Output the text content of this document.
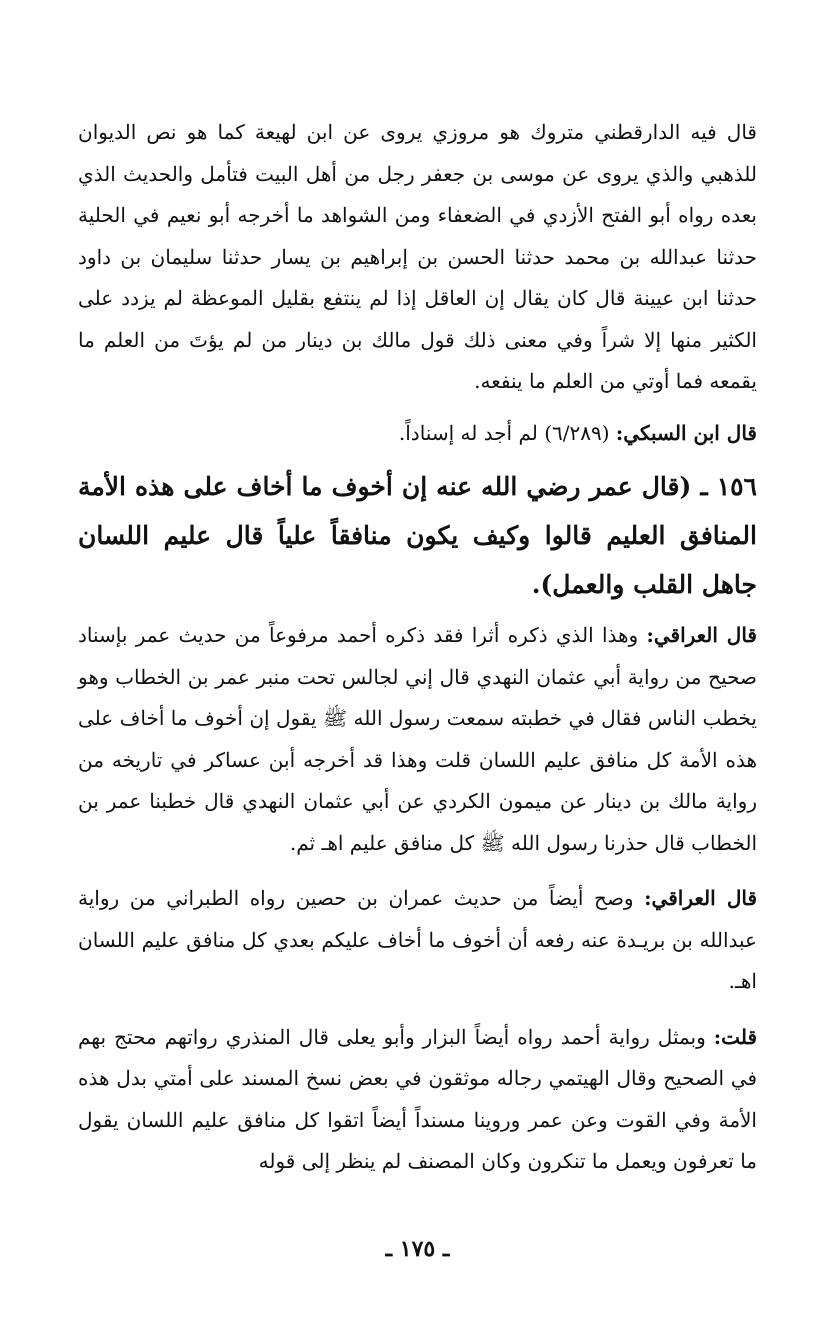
قال فيه الدارقطني متروك هو مروزي يروى عن ابن لهيعة كما هو نص الديوان للذهبي والذي يروى عن موسى بن جعفر رجل من أهل البيت فتأمل والحديث الذي بعده رواه أبو الفتح الأزدي في الضعفاء ومن الشواهد ما أخرجه أبو نعيم في الحلية حدثنا عبدالله بن محمد حدثنا الحسن بن إبراهيم بن يسار حدثنا سليمان بن داود حدثنا ابن عيينة قال كان يقال إن العاقل إذا لم ينتفع بقليل الموعظة لم يزدد على الكثير منها إلا شراً وفي معنى ذلك قول مالك بن دينار من لم يؤتَ من العلم ما يقمعه فما أوتي من العلم ما ينفعه.

قال ابن السبكي: (٦/٢٨٩) لم أجد له إسناداً.

١٥٦ ـ (قال عمر رضي الله عنه إن أخوف ما أخاف على هذه الأمة المنافق العليم قالوا وكيف يكون منافقاً علياً قال عليم اللسان جاهل القلب والعمل).

قال العراقي: وهذا الذي ذكره أثرا فقد ذكره أحمد مرفوعاً من حديث عمر بإسناد صحيح من رواية أبي عثمان النهدي قال إني لجالس تحت منبر عمر بن الخطاب وهو يخطب الناس فقال في خطبته سمعت رسول الله ﷺ يقول إن أخوف ما أخاف على هذه الأمة كل منافق عليم اللسان قلت وهذا قد أخرجه أبن عساكر في تاريخه من رواية مالك بن دينار عن ميمون الكردي عن أبي عثمان النهدي قال خطبنا عمر بن الخطاب قال حذرنا رسول الله ﷺ كل منافق عليم اهـ ثم.

قال العراقي: وصح أيضاً من حديث عمران بن حصين رواه الطبراني من رواية عبدالله بن بريـدة عنه رفعه أن أخوف ما أخاف عليكم بعدي كل منافق عليم اللسان اهـ.

قلت: وبمثل رواية أحمد رواه أيضاً البزار وأبو يعلى قال المنذري رواتهم محتج بهم في الصحيح وقال الهيتمي رجاله موثقون في بعض نسخ المسند على أمتي بدل هذه الأمة وفي القوت وعن عمر وروينا مسنداً أيضاً اتقوا كل منافق عليم اللسان يقول ما تعرفون ويعمل ما تنكرون وكان المصنف لم ينظر إلى قوله

ـ ١٧٥ ـ
